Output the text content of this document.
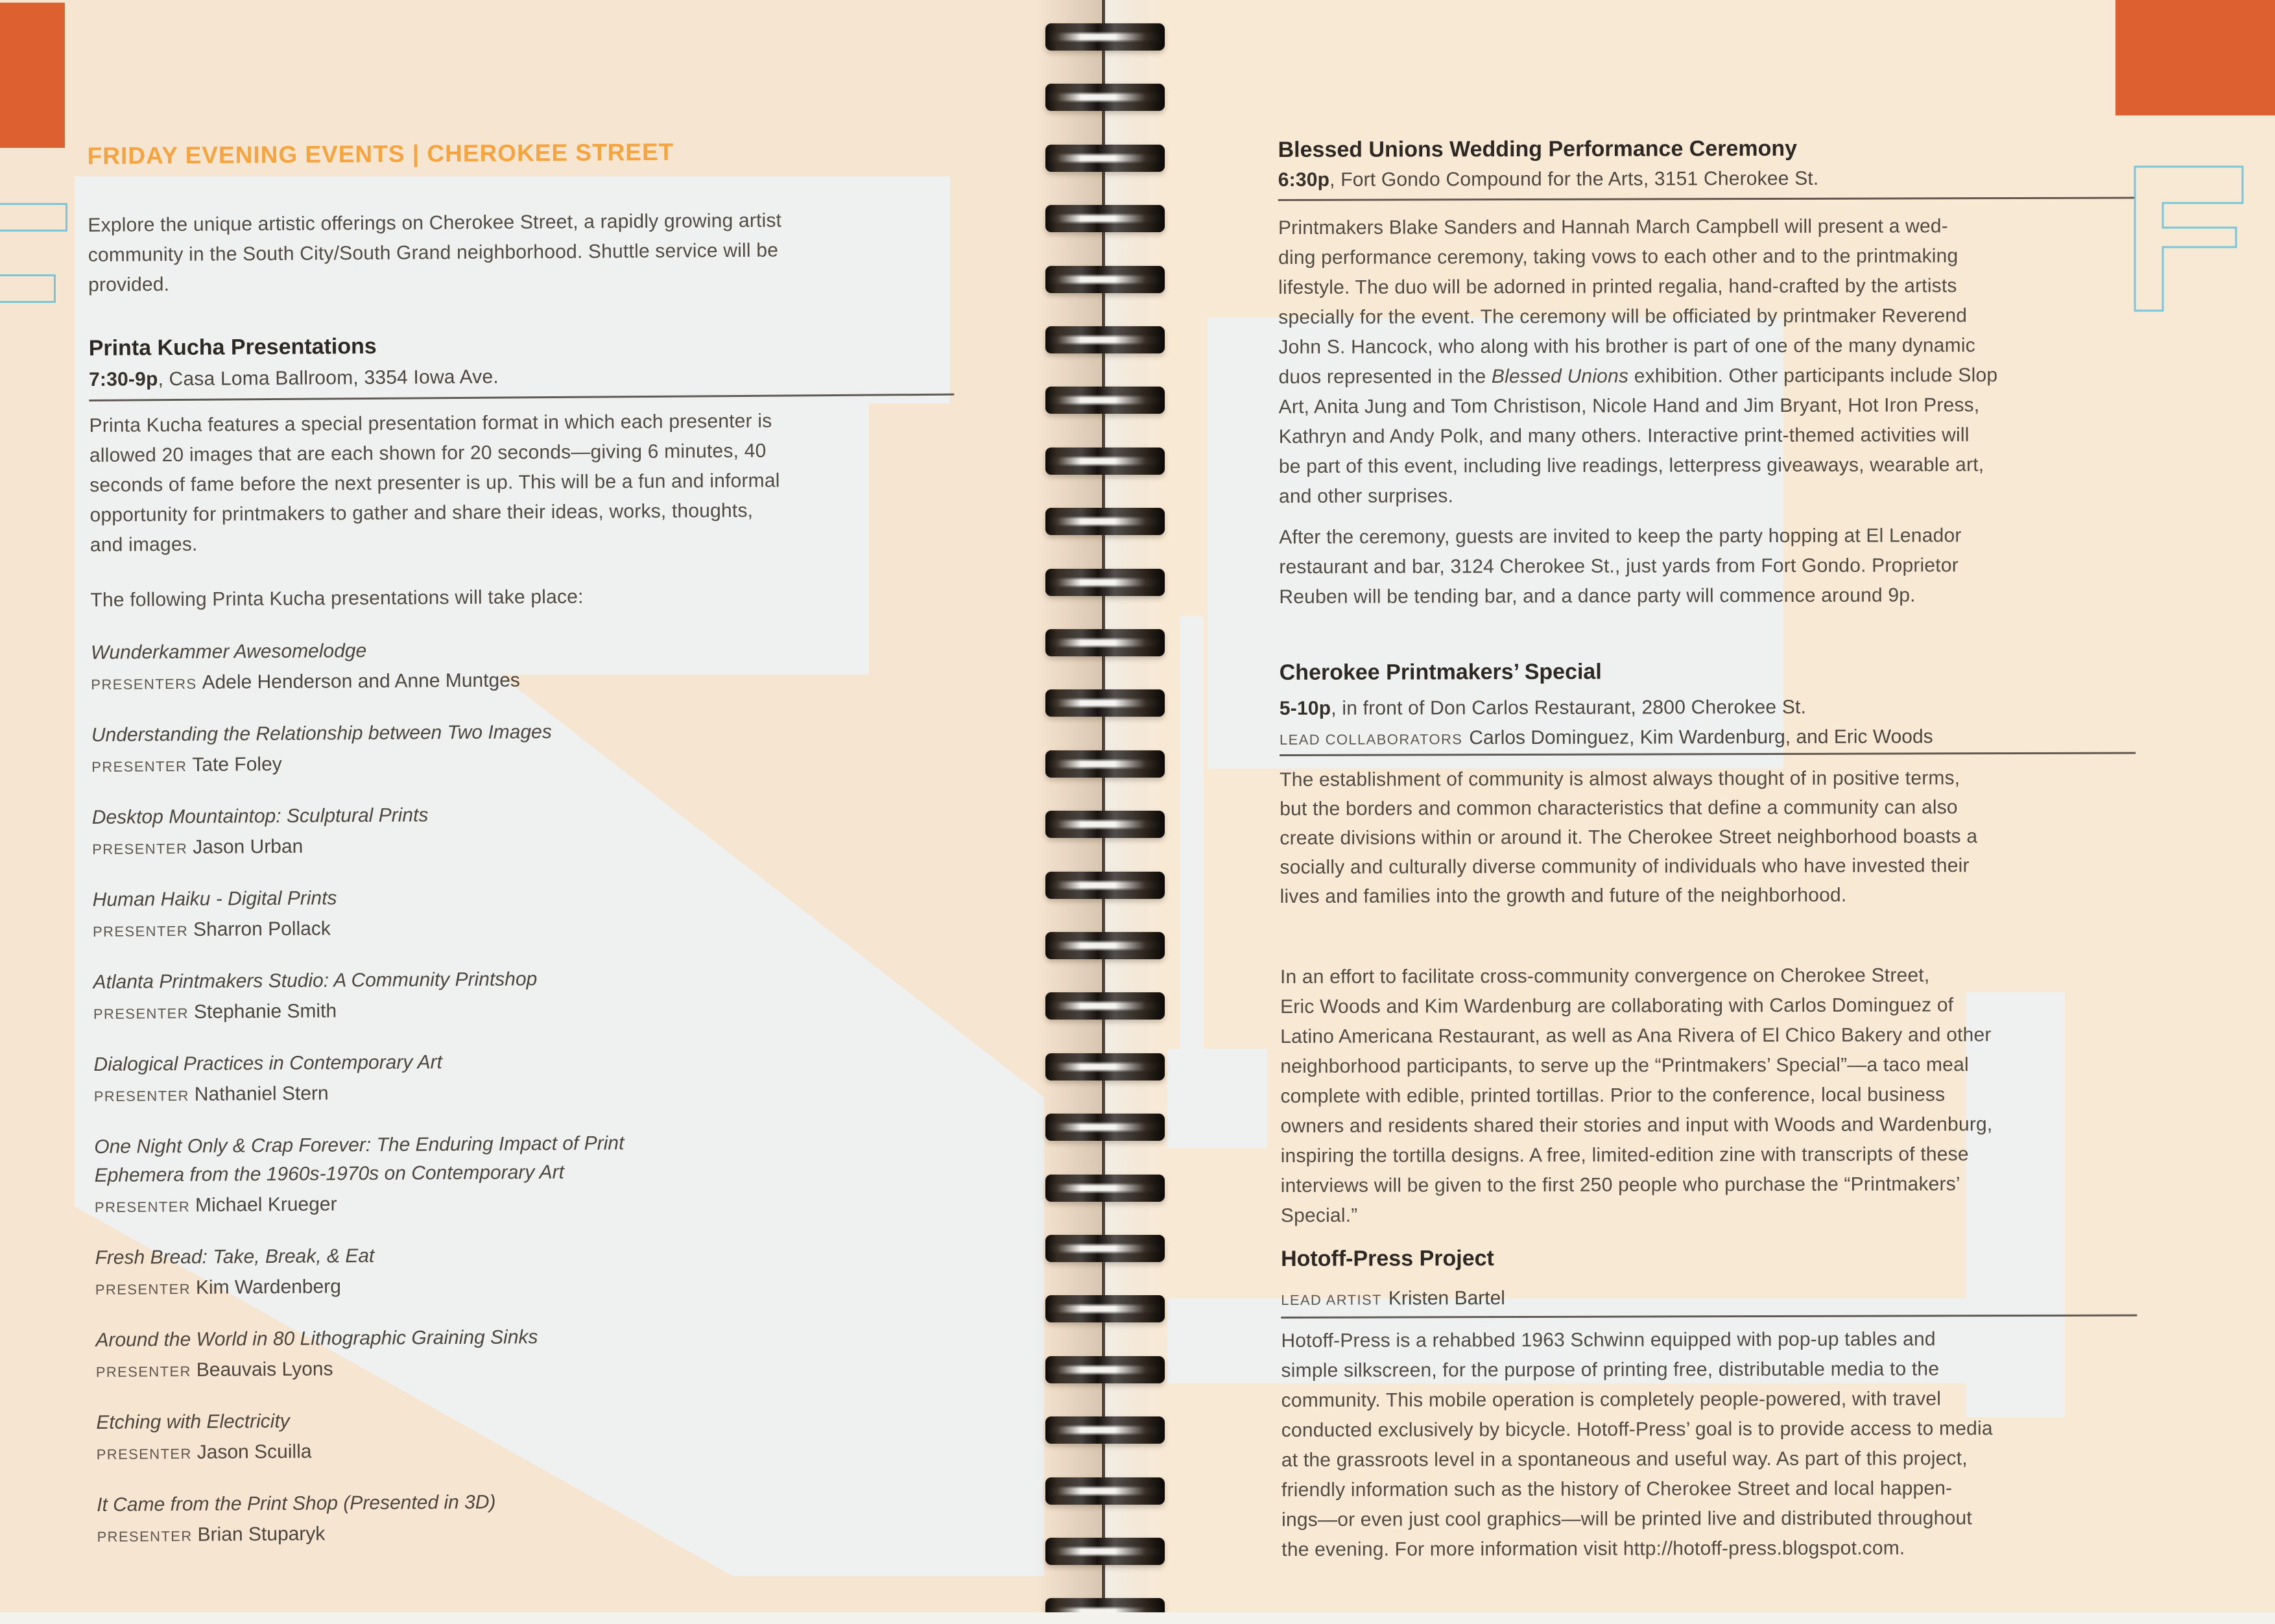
FRIDAY EVENING EVENTS | CHEROKEE STREET
Explore the unique artistic offerings on Cherokee Street, a rapidly growing artist
community in the South City/South Grand neighborhood. Shuttle service will be
provided.
Printa Kucha Presentations
7:30-9p, Casa Loma Ballroom, 3354 Iowa Ave.
Printa Kucha features a special presentation format in which each presenter is
allowed 20 images that are each shown for 20 seconds—giving 6 minutes, 40
seconds of fame before the next presenter is up. This will be a fun and informal
opportunity for printmakers to gather and share their ideas, works, thoughts,
and images.
The following Printa Kucha presentations will take place:
Wunderkammer Awesomelodge
PRESENTERS Adele Henderson and Anne Muntges
Understanding the Relationship between Two Images
PRESENTER Tate Foley
Desktop Mountaintop: Sculptural Prints
PRESENTER Jason Urban
Human Haiku - Digital Prints
PRESENTER Sharron Pollack
Atlanta Printmakers Studio: A Community Printshop
PRESENTER Stephanie Smith
Dialogical Practices in Contemporary Art
PRESENTER Nathaniel Stern
One Night Only & Crap Forever: The Enduring Impact of Print
Ephemera from the 1960s-1970s on Contemporary Art
PRESENTER Michael Krueger
Fresh Bread: Take, Break, & Eat
PRESENTER Kim Wardenberg
Around the World in 80 Lithographic Graining Sinks
PRESENTER Beauvais Lyons
Etching with Electricity
PRESENTER Jason Scuilla
It Came from the Print Shop (Presented in 3D)
PRESENTER Brian Stuparyk
Blessed Unions Wedding Performance Ceremony
6:30p, Fort Gondo Compound for the Arts, 3151 Cherokee St.
Printmakers Blake Sanders and Hannah March Campbell will present a wed-
ding performance ceremony, taking vows to each other and to the printmaking
lifestyle. The duo will be adorned in printed regalia, hand-crafted by the artists
specially for the event. The ceremony will be officiated by printmaker Reverend
John S. Hancock, who along with his brother is part of one of the many dynamic
duos represented in the Blessed Unions exhibition. Other participants include Slop
Art, Anita Jung and Tom Christison, Nicole Hand and Jim Bryant, Hot Iron Press,
Kathryn and Andy Polk, and many others. Interactive print-themed activities will
be part of this event, including live readings, letterpress giveaways, wearable art,
and other surprises.
After the ceremony, guests are invited to keep the party hopping at El Lenador
restaurant and bar, 3124 Cherokee St., just yards from Fort Gondo. Proprietor
Reuben will be tending bar, and a dance party will commence around 9p.
Cherokee Printmakers’ Special
5-10p, in front of Don Carlos Restaurant, 2800 Cherokee St.
LEAD COLLABORATORS Carlos Dominguez, Kim Wardenburg, and Eric Woods
The establishment of community is almost always thought of in positive terms,
but the borders and common characteristics that define a community can also
create divisions within or around it. The Cherokee Street neighborhood boasts a
socially and culturally diverse community of individuals who have invested their
lives and families into the growth and future of the neighborhood.
In an effort to facilitate cross-community convergence on Cherokee Street,
Eric Woods and Kim Wardenburg are collaborating with Carlos Dominguez of
Latino Americana Restaurant, as well as Ana Rivera of El Chico Bakery and other
neighborhood participants, to serve up the “Printmakers’ Special”—a taco meal
complete with edible, printed tortillas. Prior to the conference, local business
owners and residents shared their stories and input with Woods and Wardenburg,
inspiring the tortilla designs. A free, limited-edition zine with transcripts of these
interviews will be given to the first 250 people who purchase the “Printmakers’
Special.”
Hotoff-Press Project
LEAD ARTIST Kristen Bartel
Hotoff-Press is a rehabbed 1963 Schwinn equipped with pop-up tables and
simple silkscreen, for the purpose of printing free, distributable media to the
community. This mobile operation is completely people-powered, with travel
conducted exclusively by bicycle. Hotoff-Press’ goal is to provide access to media
at the grassroots level in a spontaneous and useful way. As part of this project,
friendly information such as the history of Cherokee Street and local happen-
ings—or even just cool graphics—will be printed live and distributed throughout
the evening. For more information visit http://hotoff-press.blogspot.com.
